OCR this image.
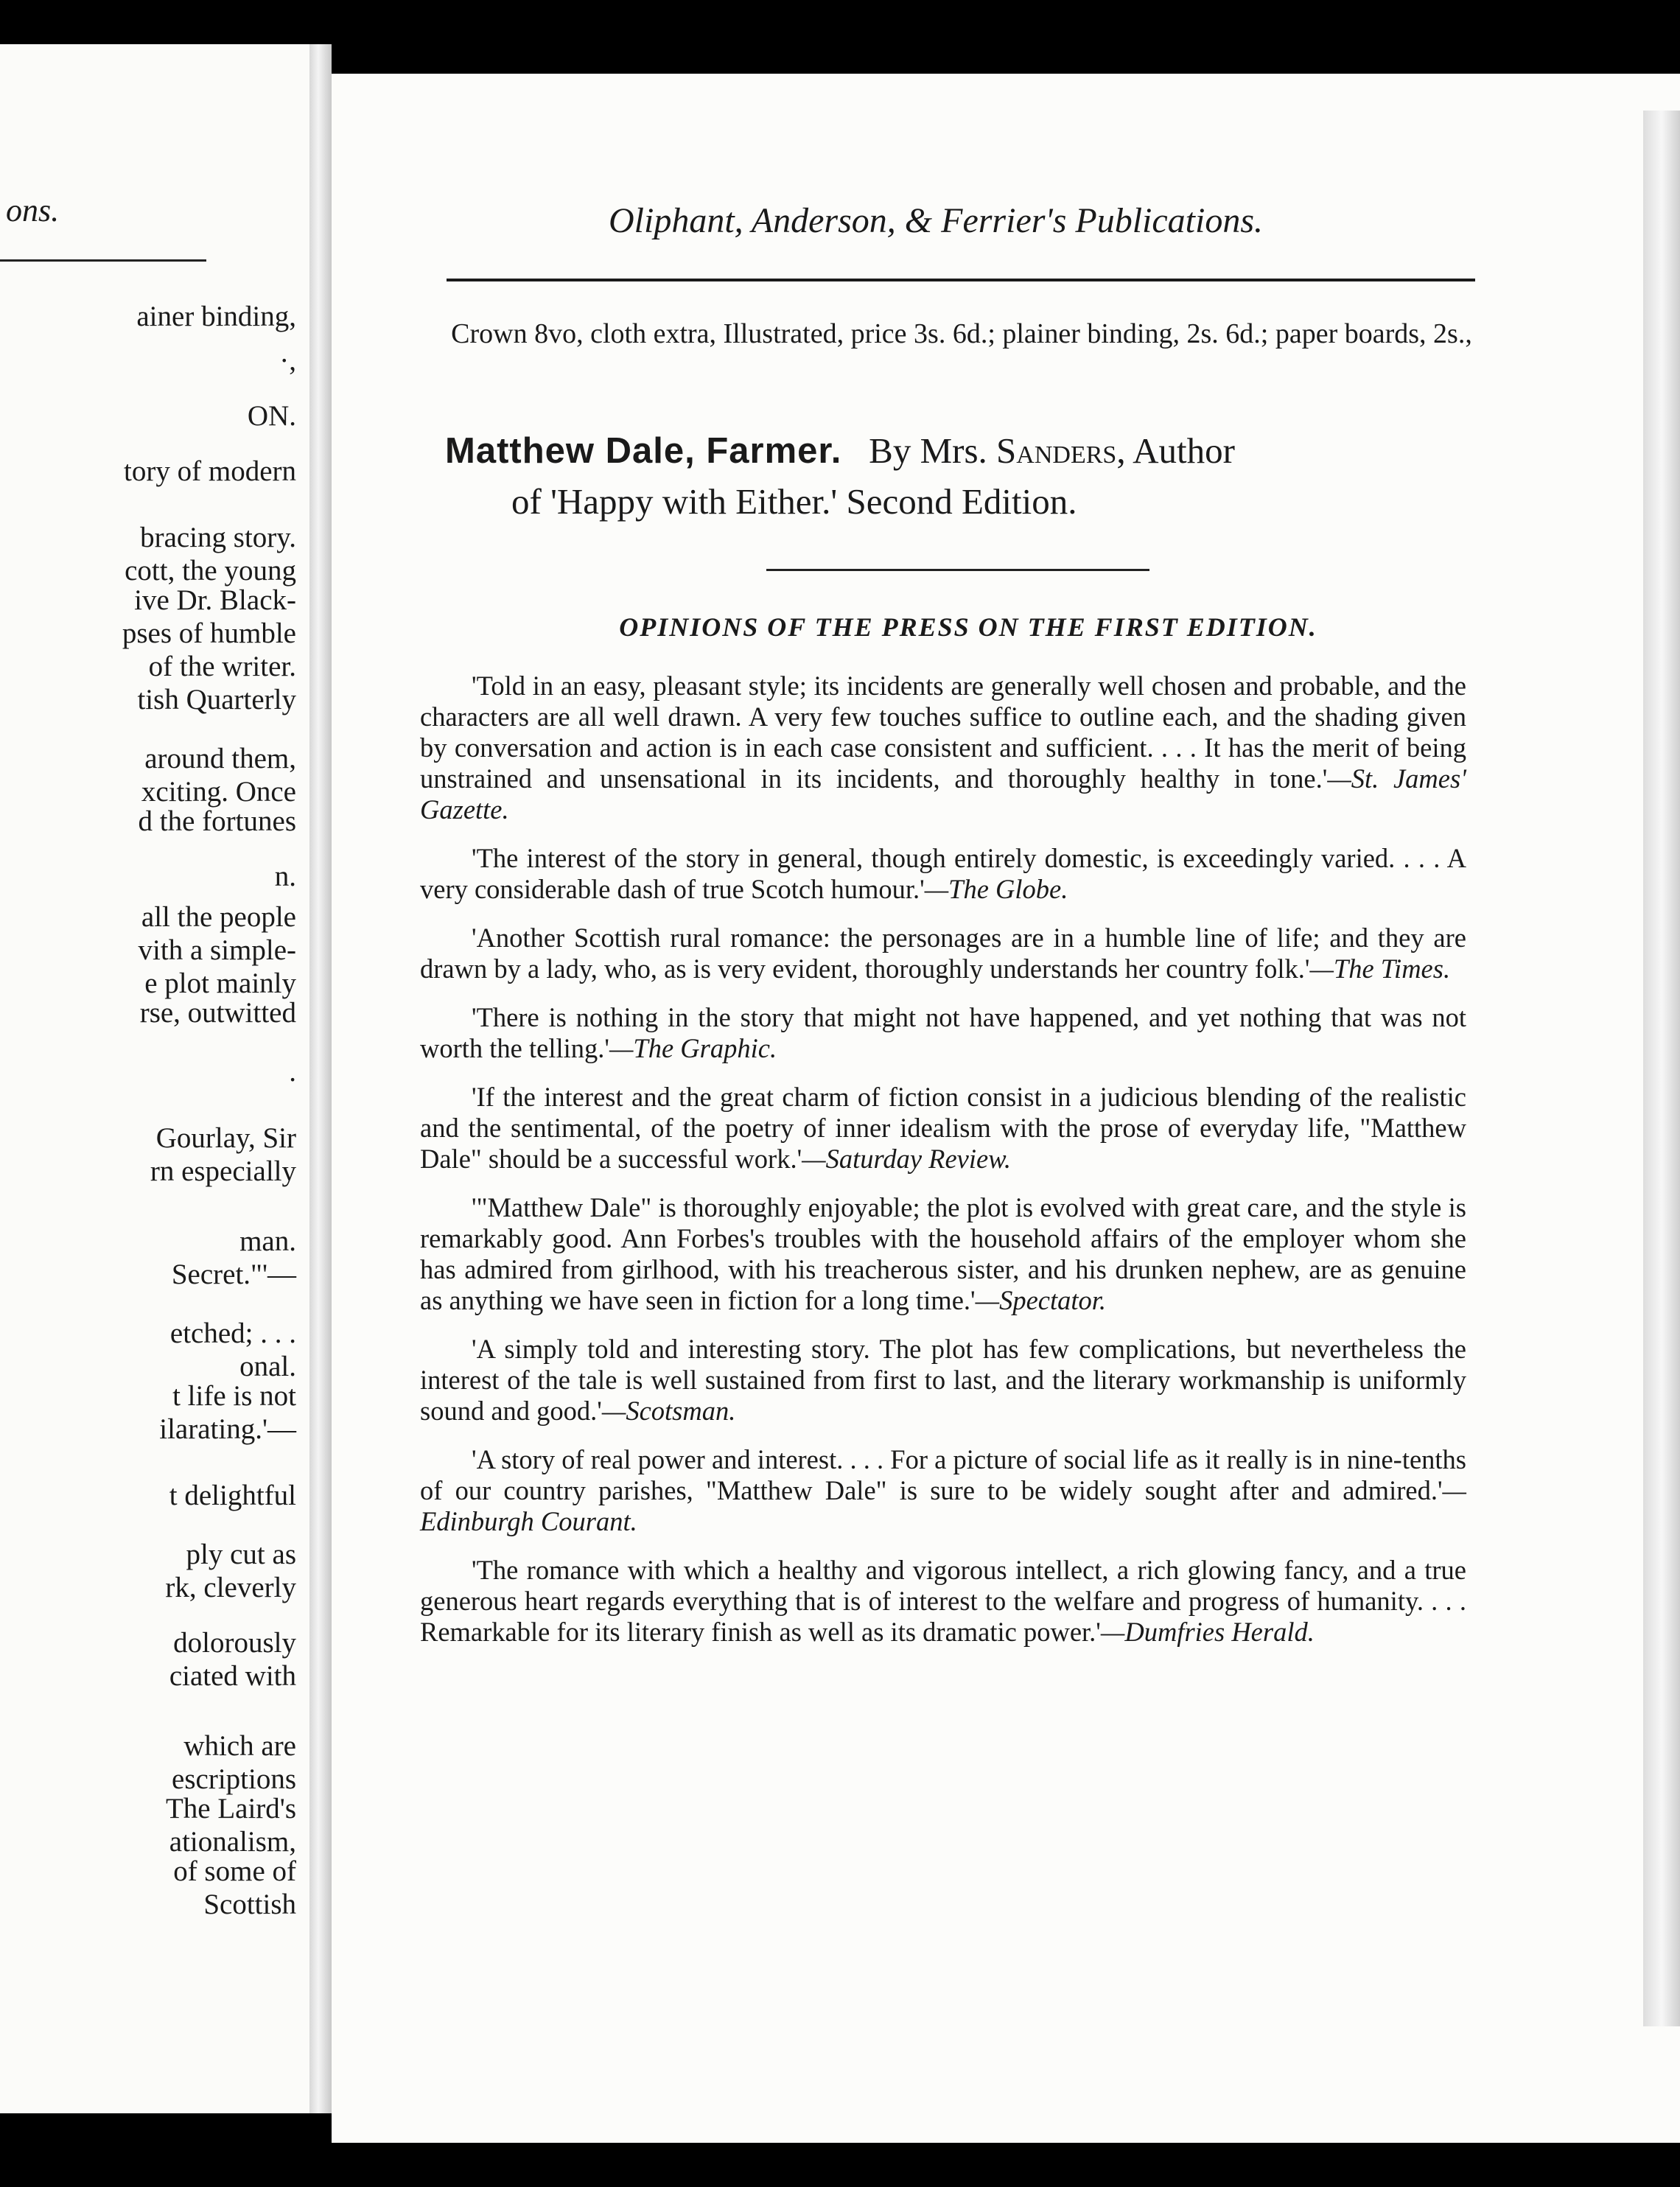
ons.
ainer binding,
·,
ON.
tory of modern
bracing story.
cott, the young
ive Dr. Black-
pses of humble
of the writer.
tish Quarterly
around them,
xciting. Once
d the fortunes
n.
all the people
vith a simple-
e plot mainly
rse, outwitted
.
Gourlay, Sir
rn especially
man.
Secret."'—
etched; . . .
onal.
t life is not
ilarating.'—
t delightful
ply cut as
rk, cleverly
dolorously
ciated with
which are
escriptions
The Laird's
ationalism,
of some of
Scottish
Oliphant, Anderson, & Ferrier's Publications.
Crown 8vo, cloth extra, Illustrated, price 3s. 6d.; plainer binding, 2s. 6d.; paper boards, 2s.,
Matthew Dale, Farmer. By Mrs. Sanders, Author
of 'Happy with Either.' Second Edition.
OPINIONS OF THE PRESS ON THE FIRST EDITION.

'Told in an easy, pleasant style; its incidents are generally well chosen and probable, and the characters are all well drawn. A very few touches suffice to outline each, and the shading given by conversation and action is in each case consistent and sufficient. . . . It has the merit of being unstrained and unsensational in its incidents, and thoroughly healthy in tone.'—St. James' Gazette.

'The interest of the story in general, though entirely domestic, is exceedingly varied. . . . A very considerable dash of true Scotch humour.'—The Globe.

'Another Scottish rural romance: the personages are in a humble line of life; and they are drawn by a lady, who, as is very evident, thoroughly understands her country folk.'—The Times.

'There is nothing in the story that might not have happened, and yet nothing that was not worth the telling.'—The Graphic.

'If the interest and the great charm of fiction consist in a judicious blending of the realistic and the sentimental, of the poetry of inner idealism with the prose of everyday life, "Matthew Dale" should be a successful work.'—Saturday Review.

'"Matthew Dale" is thoroughly enjoyable; the plot is evolved with great care, and the style is remarkably good. Ann Forbes's troubles with the household affairs of the employer whom she has admired from girlhood, with his treacherous sister, and his drunken nephew, are as genuine as anything we have seen in fiction for a long time.'—Spectator.

'A simply told and interesting story. The plot has few complications, but nevertheless the interest of the tale is well sustained from first to last, and the literary workmanship is uniformly sound and good.'—Scotsman.

'A story of real power and interest. . . . For a picture of social life as it really is in nine-tenths of our country parishes, "Matthew Dale" is sure to be widely sought after and admired.'—Edinburgh Courant.

'The romance with which a healthy and vigorous intellect, a rich glowing fancy, and a true generous heart regards everything that is of interest to the welfare and progress of humanity. . . . Remarkable for its literary finish as well as its dramatic power.'—Dumfries Herald.
